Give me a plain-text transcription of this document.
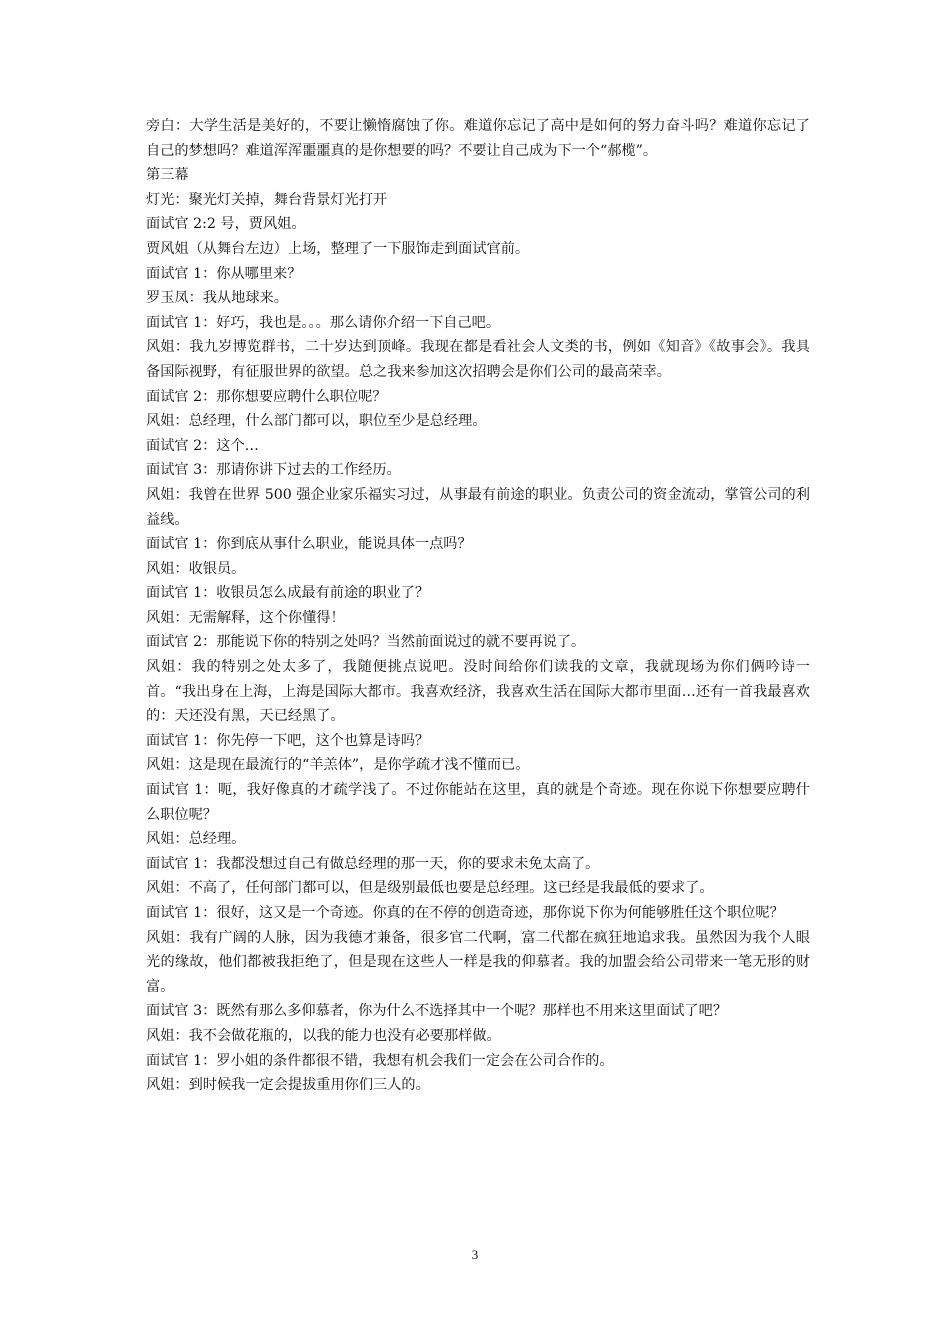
旁白：大学生活是美好的，不要让懒惰腐蚀了你。难道你忘记了高中是如何的努力奋斗吗？难道你忘记了自己的梦想吗？难道浑浑噩噩真的是你想要的吗？不要让自己成为下一个“郝榄”。

第三幕

灯光：聚光灯关掉，舞台背景灯光打开

面试官 2:2 号，贾风姐。

贾风姐（从舞台左边）上场，整理了一下服饰走到面试官前。

面试官 1：你从哪里来？

罗玉凤：我从地球来。

面试官 1：好巧，我也是。。。那么请你介绍一下自己吧。

风姐：我九岁博览群书，二十岁达到顶峰。我现在都是看社会人文类的书，例如《知音》《故事会》。我具备国际视野，有征服世界的欲望。总之我来参加这次招聘会是你们公司的最高荣幸。

面试官 2：那你想要应聘什么职位呢？

风姐：总经理，什么部门都可以，职位至少是总经理。

面试官 2：这个…

面试官 3：那请你讲下过去的工作经历。

风姐：我曾在世界 500 强企业家乐福实习过，从事最有前途的职业。负责公司的资金流动，掌管公司的利益线。

面试官 1：你到底从事什么职业，能说具体一点吗？

风姐：收银员。

面试官 1：收银员怎么成最有前途的职业了？

风姐：无需解释，这个你懂得！

面试官 2：那能说下你的特别之处吗？当然前面说过的就不要再说了。

风姐：我的特别之处太多了，我随便挑点说吧。没时间给你们读我的文章，我就现场为你们俩吟诗一首。“我出身在上海，上海是国际大都市。我喜欢经济，我喜欢生活在国际大都市里面…还有一首我最喜欢的：天还没有黑，天已经黑了。

面试官 1：你先停一下吧，这个也算是诗吗？

风姐：这是现在最流行的“羊羔体”，是你学疏才浅不懂而已。

面试官 1：呃，我好像真的才疏学浅了。不过你能站在这里，真的就是个奇迹。现在你说下你想要应聘什么职位呢？

风姐：总经理。

面试官 1：我都没想过自己有做总经理的那一天，你的要求未免太高了。

风姐：不高了，任何部门都可以，但是级别最低也要是总经理。这已经是我最低的要求了。

面试官 1：很好，这又是一个奇迹。你真的在不停的创造奇迹，那你说下你为何能够胜任这个职位呢？

风姐：我有广阔的人脉，因为我德才兼备，很多官二代啊，富二代都在疯狂地追求我。虽然因为我个人眼光的缘故，他们都被我拒绝了，但是现在这些人一样是我的仰慕者。我的加盟会给公司带来一笔无形的财富。

面试官 3：既然有那么多仰慕者，你为什么不选择其中一个呢？那样也不用来这里面试了吧？

风姐：我不会做花瓶的，以我的能力也没有必要那样做。

面试官 1：罗小姐的条件都很不错，我想有机会我们一定会在公司合作的。

风姐：到时候我一定会提拔重用你们三人的。

3
